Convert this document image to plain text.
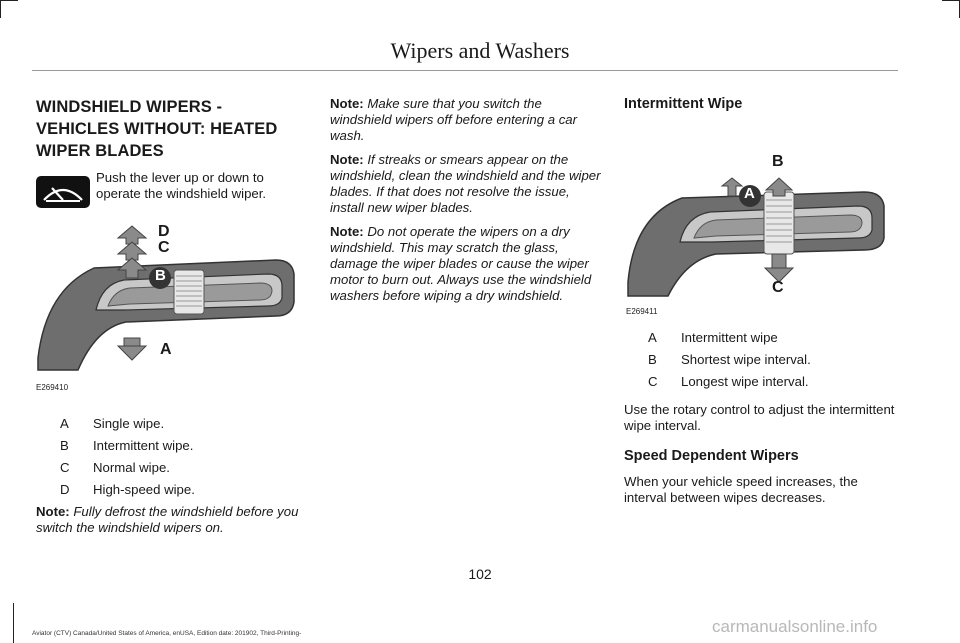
Wipers and Washers
WINDSHIELD WIPERS - VEHICLES WITHOUT: HEATED WIPER BLADES
Push the lever up or down to operate the windshield wiper.
D
C
B
A
E269410
A	Single wipe.
B	Intermittent wipe.
C	Normal wipe.
D	High-speed wipe.

Note: Fully defrost the windshield before you switch the windshield wipers on.

Note: Make sure that you switch the windshield wipers off before entering a car wash.

Note: If streaks or smears appear on the windshield, clean the windshield and the wiper blades. If that does not resolve the issue, install new wiper blades.

Note: Do not operate the wipers on a dry windshield. This may scratch the glass, damage the wiper blades or cause the wiper motor to burn out. Always use the windshield washers before wiping a dry windshield.

Intermittent Wipe
B
A
C
E269411
A	Intermittent wipe
B	Shortest wipe interval.
C	Longest wipe interval.

Use the rotary control to adjust the intermittent wipe interval.

Speed Dependent Wipers

When your vehicle speed increases, the interval between wipes decreases.

102
Aviator (CTV) Canada/United States of America, enUSA, Edition date: 201902, Third-Printing-	carmanualsonline.info
